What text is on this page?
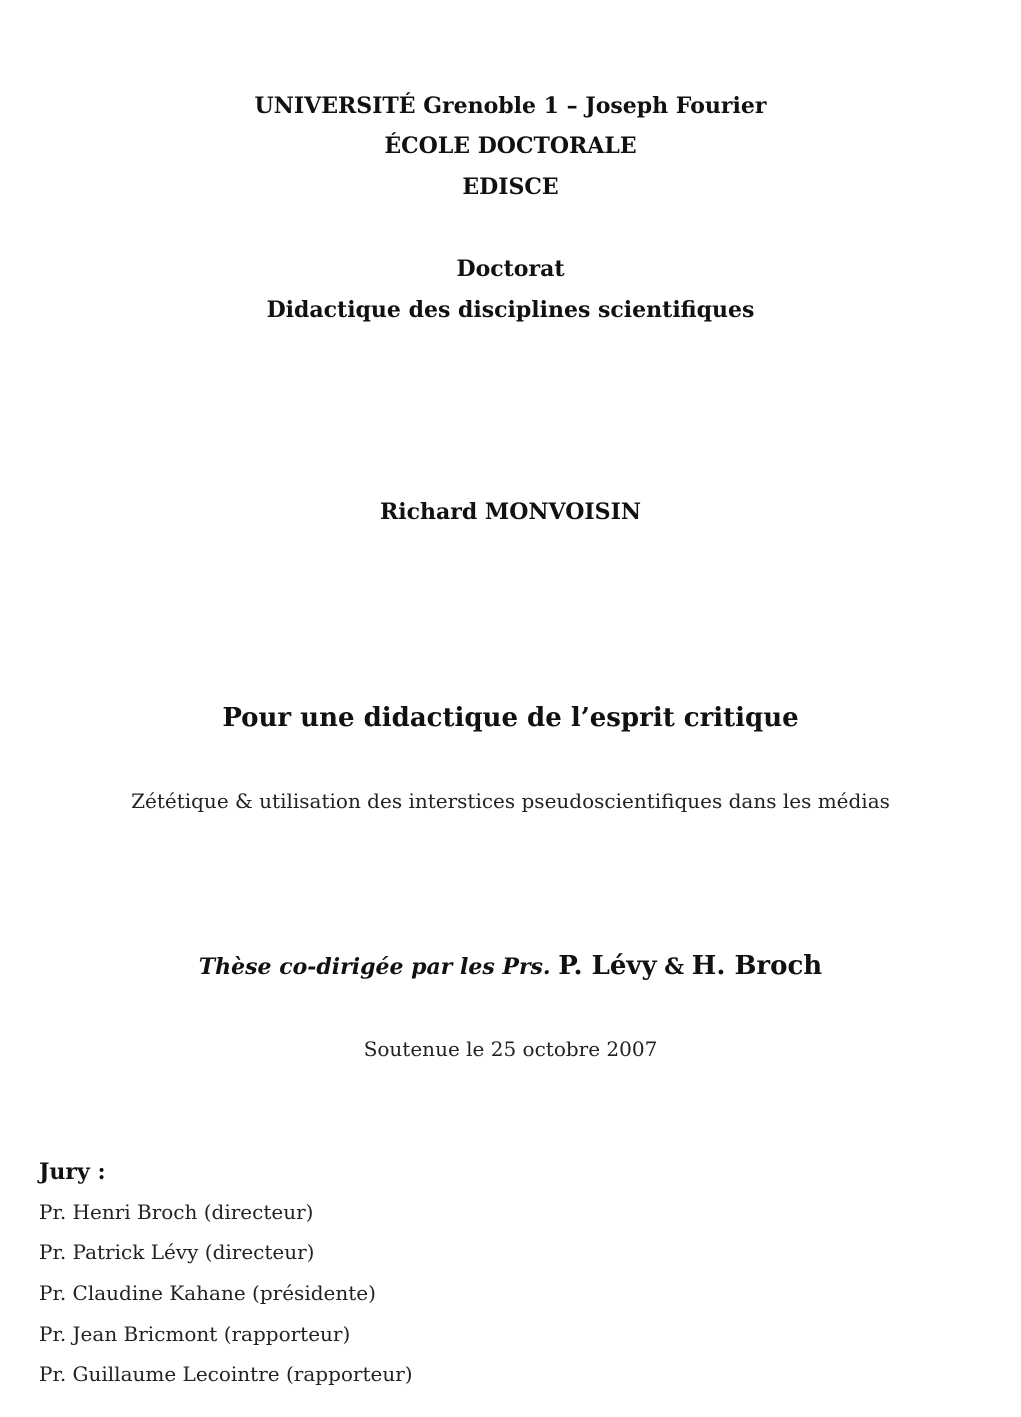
UNIVERSITÉ Grenoble 1 – Joseph Fourier
ÉCOLE DOCTORALE
EDISCE
Doctorat
Didactique des disciplines scientifiques
Richard MONVOISIN
Pour une didactique de l’esprit critique
Zététique & utilisation des interstices pseudoscientifiques dans les médias
Thèse co-dirigée par les Prs. P. Lévy & H. Broch
Soutenue le 25 octobre 2007
Jury :
Pr. Henri Broch (directeur)
Pr. Patrick Lévy (directeur)
Pr. Claudine Kahane (présidente)
Pr. Jean Bricmont (rapporteur)
Pr. Guillaume Lecointre (rapporteur)
